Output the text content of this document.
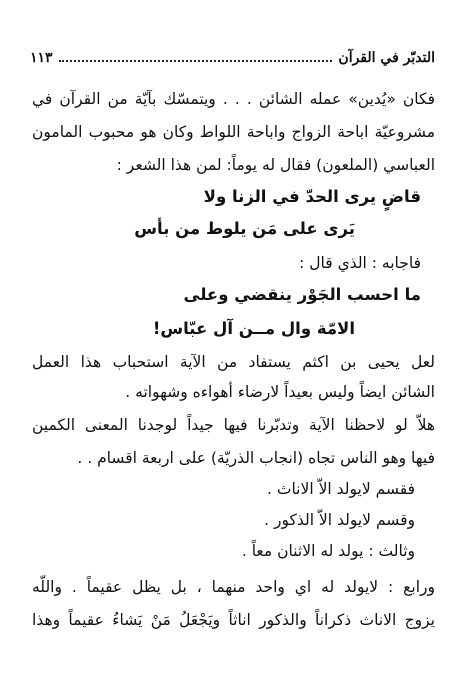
التدبّر في القرآن
١١٣
فكان «يُدين» عمله الشائن . . . ويتمسّك بآيّة من القرآن في
مشروعيّة اباحة الزواج واباحة اللواط وكان هو محبوب المامون
العباسي (الملعون) فقال له يوماً: لمن هذا الشعر :
قاضٍ يرى الحدّ في الزنا ولا
يَرى على مَن يلوط من بأس
فاجابه : الذي قال :
ما احسب الجَوْر ينقضي وعلى
الامّة وال مــن آل عبّاس!
لعل يحيى بن اكثم يستفاد من الآية استحباب هذا العمل
الشائن ايضاً وليس بعيداً لارضاء أهواءه وشهواته .
هلاّ لو لاحظنا الآية وتدبّرنا فيها جيداً لوجدنا المعنى الكمين
فيها وهو الناس تجاه (انجاب الذريّة) على اربعة اقسام . .
فقسم لايولد الاّ الاناث .
وقسم لايولد الاّ الذكور .
وثالث : يولد له الاثنان معاً .
ورابع : لايولد له اي واحد منهما ، بل يظل عقيماً . واللّه
يزوج الاناث ذكراناً والذكور اناثاً ويَجْعَلُ مَنْ يَشاءُ عقيماً وهذا
